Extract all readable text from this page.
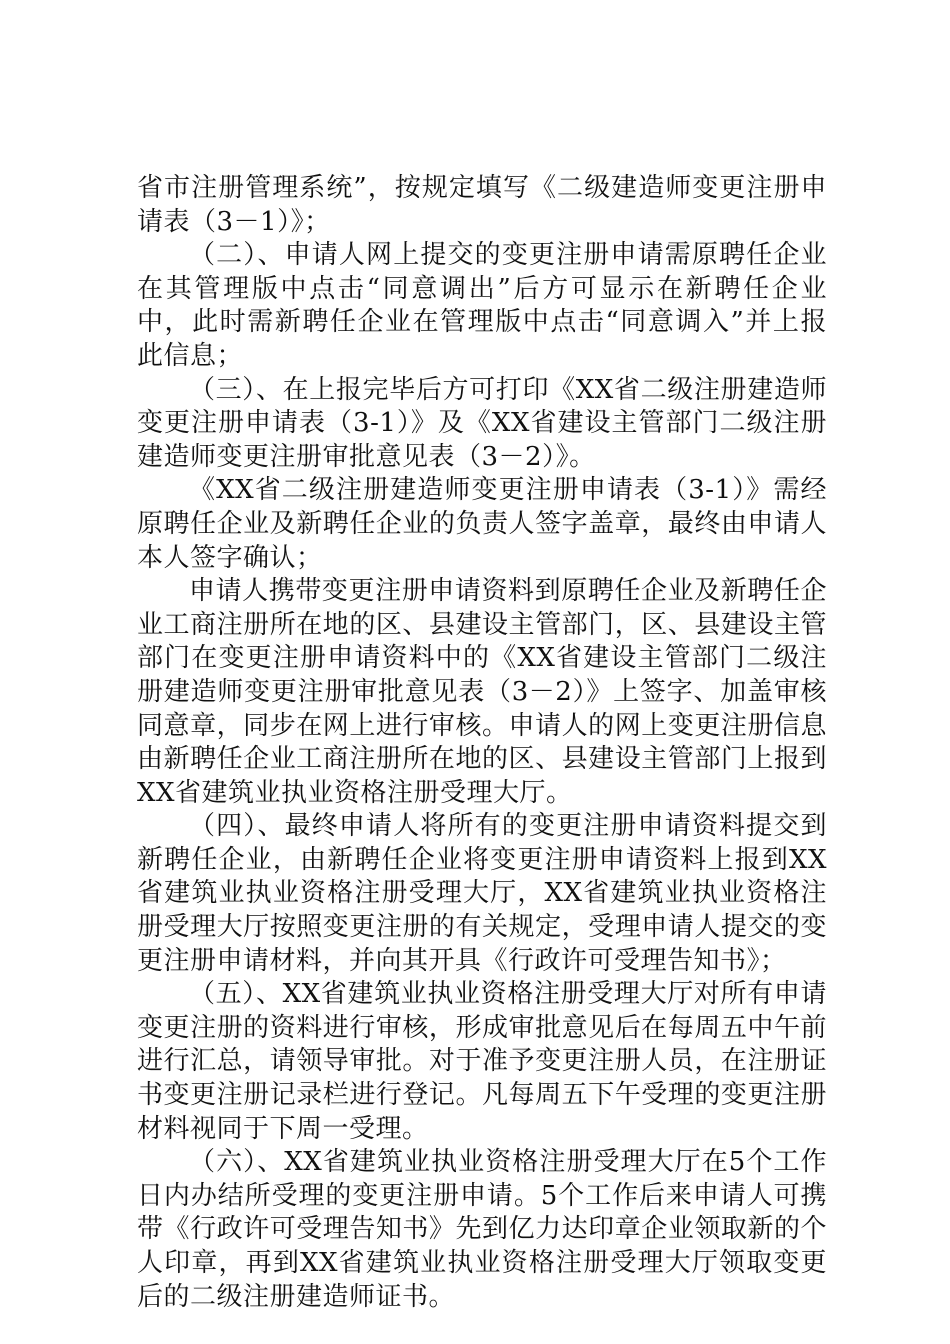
省市注册管理系统”，按规定填写《二级建造师变更注册申请表（3－1）》；

（二）、申请人网上提交的变更注册申请需原聘任企业在其管理版中点击“同意调出”后方可显示在新聘任企业中，此时需新聘任企业在管理版中点击“同意调入”并上报此信息；

（三）、在上报完毕后方可打印《XX省二级注册建造师变更注册申请表（3-1）》及《XX省建设主管部门二级注册建造师变更注册审批意见表（3－2）》。

《XX省二级注册建造师变更注册申请表（3-1）》需经原聘任企业及新聘任企业的负责人签字盖章，最终由申请人本人签字确认；

申请人携带变更注册申请资料到原聘任企业及新聘任企业工商注册所在地的区、县建设主管部门，区、县建设主管部门在变更注册申请资料中的《XX省建设主管部门二级注册建造师变更注册审批意见表（3－2）》上签字、加盖审核同意章，同步在网上进行审核。申请人的网上变更注册信息由新聘任企业工商注册所在地的区、县建设主管部门上报到XX省建筑业执业资格注册受理大厅。

（四）、最终申请人将所有的变更注册申请资料提交到新聘任企业，由新聘任企业将变更注册申请资料上报到XX省建筑业执业资格注册受理大厅，XX省建筑业执业资格注册受理大厅按照变更注册的有关规定，受理申请人提交的变更注册申请材料，并向其开具《行政许可受理告知书》；

（五）、XX省建筑业执业资格注册受理大厅对所有申请变更注册的资料进行审核，形成审批意见后在每周五中午前进行汇总，请领导审批。对于准予变更注册人员，在注册证书变更注册记录栏进行登记。凡每周五下午受理的变更注册材料视同于下周一受理。

（六）、XX省建筑业执业资格注册受理大厅在5个工作日内办结所受理的变更注册申请。5个工作后来申请人可携带《行政许可受理告知书》先到亿力达印章企业领取新的个人印章，再到XX省建筑业执业资格注册受理大厅领取变更后的二级注册建造师证书。
